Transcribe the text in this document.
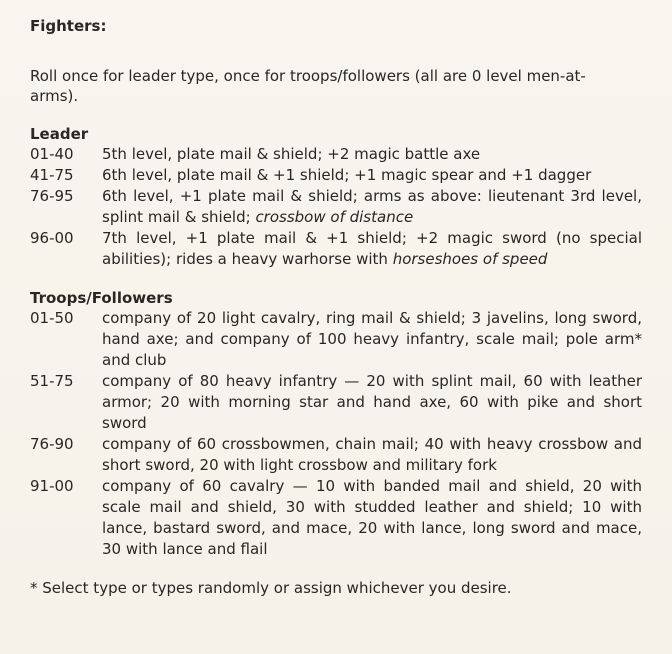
Fighters:
Roll once for leader type, once for troops/followers (all are 0 level men-at-arms).
Leader
01-40	5th level, plate mail & shield; +2 magic battle axe
41-75	6th level, plate mail & +1 shield; +1 magic spear and +1 dagger
76-95	6th level, +1 plate mail & shield; arms as above: lieutenant 3rd level, splint mail & shield; crossbow of distance
96-00	7th level, +1 plate mail & +1 shield; +2 magic sword (no special abilities); rides a heavy warhorse with horseshoes of speed
Troops/Followers
01-50	company of 20 light cavalry, ring mail & shield; 3 javelins, long sword, hand axe; and company of 100 heavy infantry, scale mail; pole arm* and club
51-75	company of 80 heavy infantry — 20 with splint mail, 60 with leather armor; 20 with morning star and hand axe, 60 with pike and short sword
76-90	company of 60 crossbowmen, chain mail; 40 with heavy crossbow and short sword, 20 with light crossbow and military fork
91-00	company of 60 cavalry — 10 with banded mail and shield, 20 with scale mail and shield, 30 with studded leather and shield; 10 with lance, bastard sword, and mace, 20 with lance, long sword and mace, 30 with lance and flail
* Select type or types randomly or assign whichever you desire.
